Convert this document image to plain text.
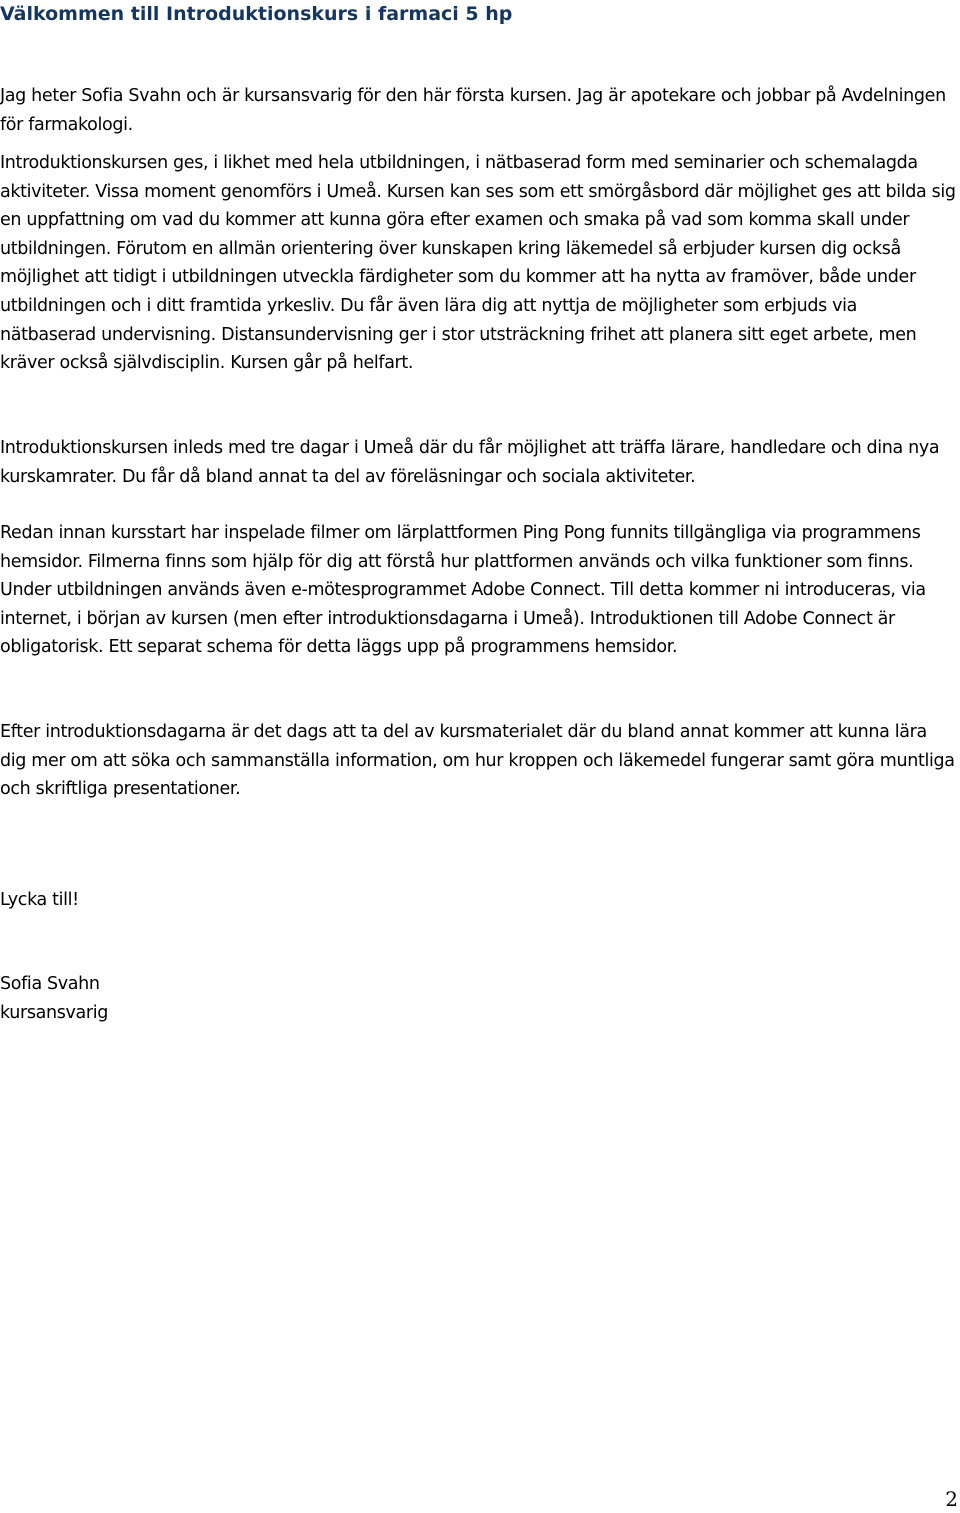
Välkommen till Introduktionskurs i farmaci 5 hp

Jag heter Sofia Svahn och är kursansvarig för den här första kursen. Jag är apotekare och jobbar på Avdelningen för farmakologi.

Introduktionskursen ges, i likhet med hela utbildningen, i nätbaserad form med seminarier och schemalagda aktiviteter. Vissa moment genomförs i Umeå. Kursen kan ses som ett smörgåsbord där möjlighet ges att bilda sig en uppfattning om vad du kommer att kunna göra efter examen och smaka på vad som komma skall under utbildningen. Förutom en allmän orientering över kunskapen kring läkemedel så erbjuder kursen dig också möjlighet att tidigt i utbildningen utveckla färdigheter som du kommer att ha nytta av framöver, både under utbildningen och i ditt framtida yrkesliv. Du får även lära dig att nyttja de möjligheter som erbjuds via nätbaserad undervisning. Distansundervisning ger i stor utsträckning frihet att planera sitt eget arbete, men kräver också självdisciplin. Kursen går på helfart.

Introduktionskursen inleds med tre dagar i Umeå där du får möjlighet att träffa lärare, handledare och dina nya kurskamrater. Du får då bland annat ta del av föreläsningar och sociala aktiviteter.

Redan innan kursstart har inspelade filmer om lärplattformen Ping Pong funnits tillgängliga via programmens hemsidor. Filmerna finns som hjälp för dig att förstå hur plattformen används och vilka funktioner som finns. Under utbildningen används även e-mötesprogrammet Adobe Connect. Till detta kommer ni introduceras, via internet, i början av kursen (men efter introduktionsdagarna i Umeå). Introduktionen till Adobe Connect är obligatorisk. Ett separat schema för detta läggs upp på programmens hemsidor.

Efter introduktionsdagarna är det dags att ta del av kursmaterialet där du bland annat kommer att kunna lära dig mer om att söka och sammanställa information, om hur kroppen och läkemedel fungerar samt göra muntliga och skriftliga presentationer.

Lycka till!

Sofia Svahn
kursansvarig
2
